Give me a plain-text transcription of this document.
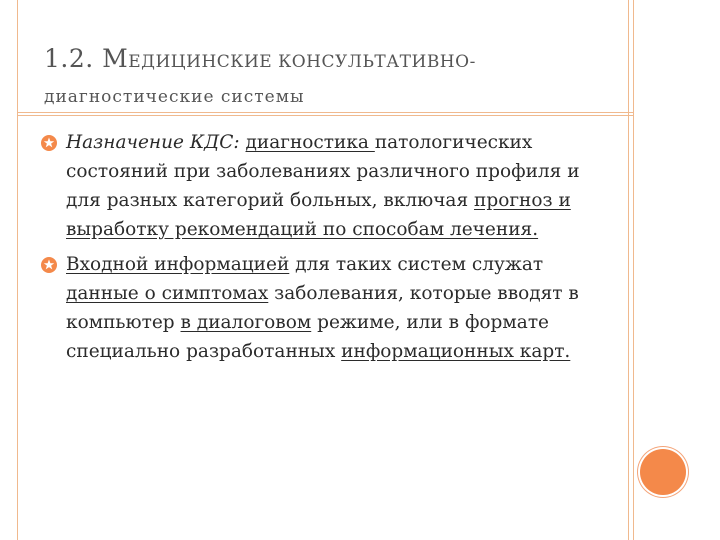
1.2. МЕДИЦИНСКИЕ КОНСУЛЬТАТИВНО-
диагностические системы
Назначение КДС: диагностика патологических состояний при заболеваниях различного профиля и для разных категорий больных, включая прогноз и выработку рекомендаций по способам лечения.
Входной информацией для таких систем служат данные о симптомах заболевания, которые вводят в компьютер в диалоговом режиме, или в формате специально разработанных информационных карт.
